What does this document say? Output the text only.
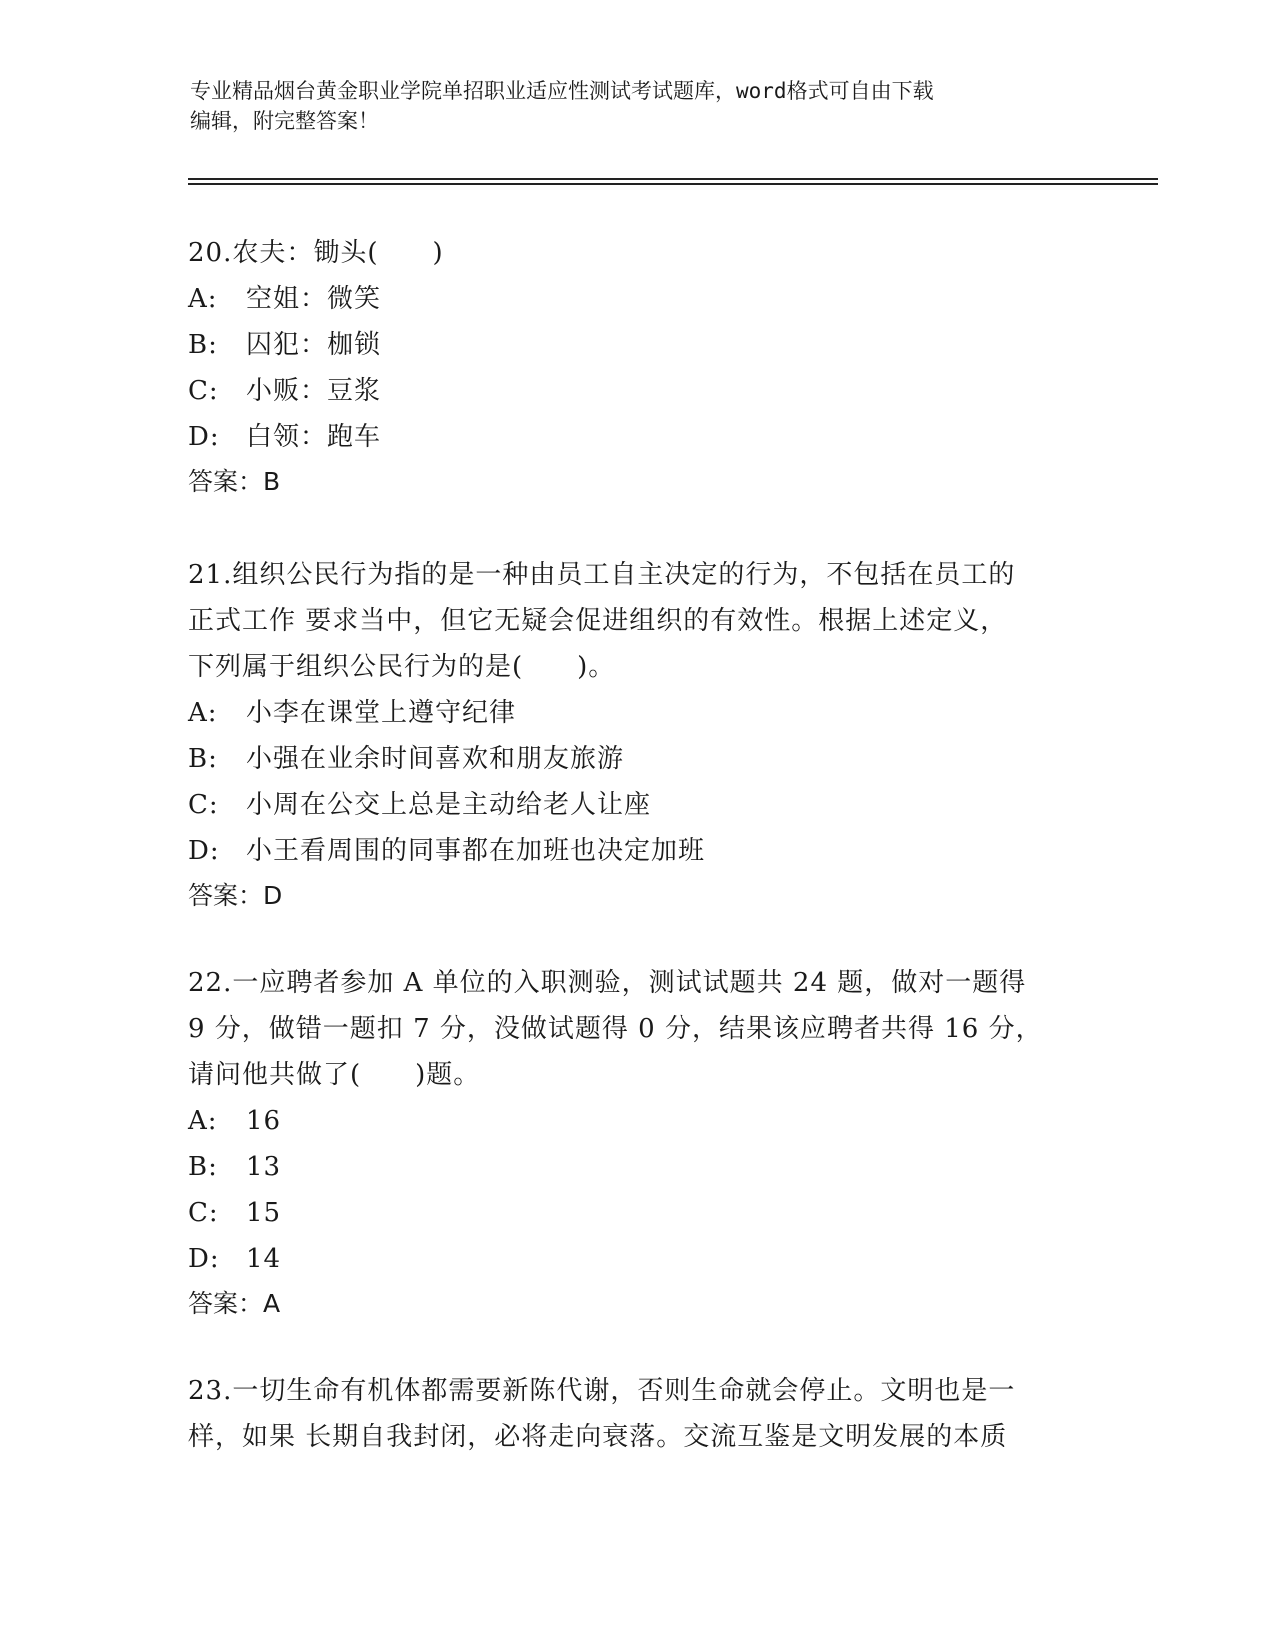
专业精品烟台黄金职业学院单招职业适应性测试考试题库，word格式可自由下载
编辑，附完整答案！
20.农夫：锄头(　　)
A: 空姐：微笑
B: 囚犯：枷锁
C: 小贩：豆浆
D: 白领：跑车
答案：B
21.组织公民行为指的是一种由员工自主决定的行为，不包括在员工的
正式工作 要求当中，但它无疑会促进组织的有效性。根据上述定义，
下列属于组织公民行为的是(　　)。
A: 小李在课堂上遵守纪律
B: 小强在业余时间喜欢和朋友旅游
C: 小周在公交上总是主动给老人让座
D: 小王看周围的同事都在加班也决定加班
答案：D
22.一应聘者参加 A 单位的入职测验，测试试题共 24 题，做对一题得
9 分，做错一题扣 7 分，没做试题得 0 分，结果该应聘者共得 16 分，
请问他共做了(　　)题。
A: 16
B: 13
C: 15
D: 14
答案：A
23.一切生命有机体都需要新陈代谢，否则生命就会停止。文明也是一
样，如果 长期自我封闭，必将走向衰落。交流互鉴是文明发展的本质
